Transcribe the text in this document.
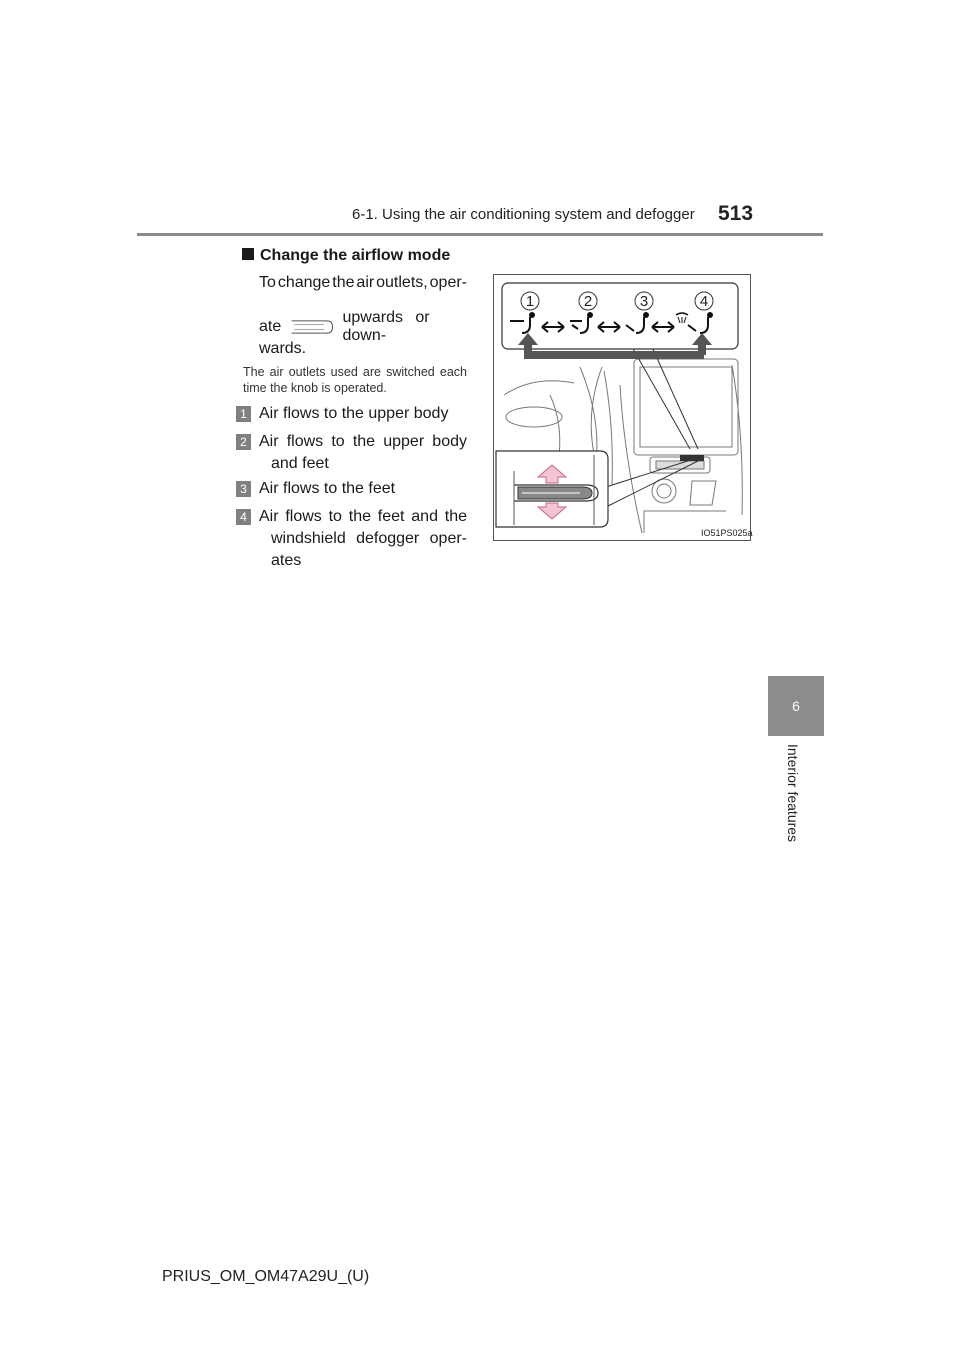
6-1. Using the air conditioning system and defogger 513
6
Interior features
Change the airflow mode
To change the air outlets, oper-
ate
upwards or down-
wards.
The air outlets used are switched each time the knob is operated.
1 Air flows to the upper body
2 Air flows to the upper body
and feet
3 Air flows to the feet
4 Air flows to the feet and the
windshield defogger oper-
ates
1	2	3	4
IO51PS025a
PRIUS_OM_OM47A29U_(U)
